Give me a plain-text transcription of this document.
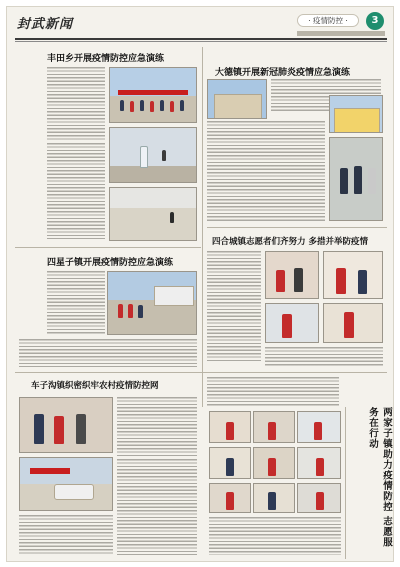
封武新闻	· 疫情防控 ·	3
丰田乡开展疫情防控应急演练
大德镇开展新冠肺炎疫情应急演练
四合城镇志愿者们齐努力 多措并举防疫情
四星子镇开展疫情防控应急演练
车子沟镇织密织牢农村疫情防控网
两家子镇助力疫情防控 志愿服务在行动
